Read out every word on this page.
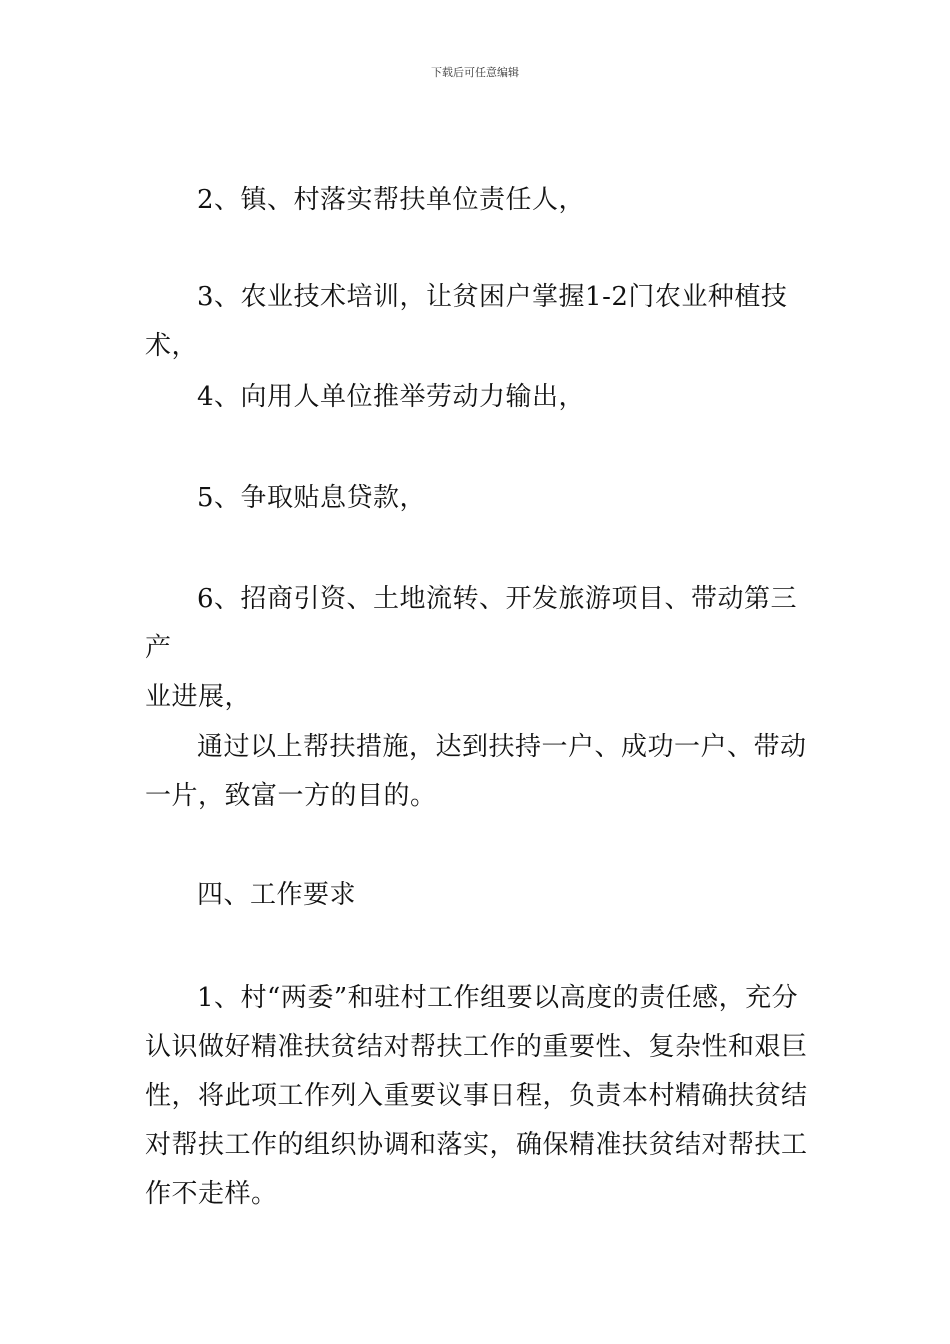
下载后可任意编辑
2、镇、村落实帮扶单位责任人，
3、农业技术培训，让贫困户掌握1-2门农业种植技术，
4、向用人单位推举劳动力输出，
5、争取贴息贷款，
6、招商引资、土地流转、开发旅游项目、带动第三产
业进展，
通过以上帮扶措施，达到扶持一户、成功一户、带动
一片，致富一方的目的。
四、工作要求
1、村“两委”和驻村工作组要以高度的责任感，充分
认识做好精准扶贫结对帮扶工作的重要性、复杂性和艰巨
性，将此项工作列入重要议事日程，负责本村精确扶贫结
对帮扶工作的组织协调和落实，确保精准扶贫结对帮扶工
作不走样。
